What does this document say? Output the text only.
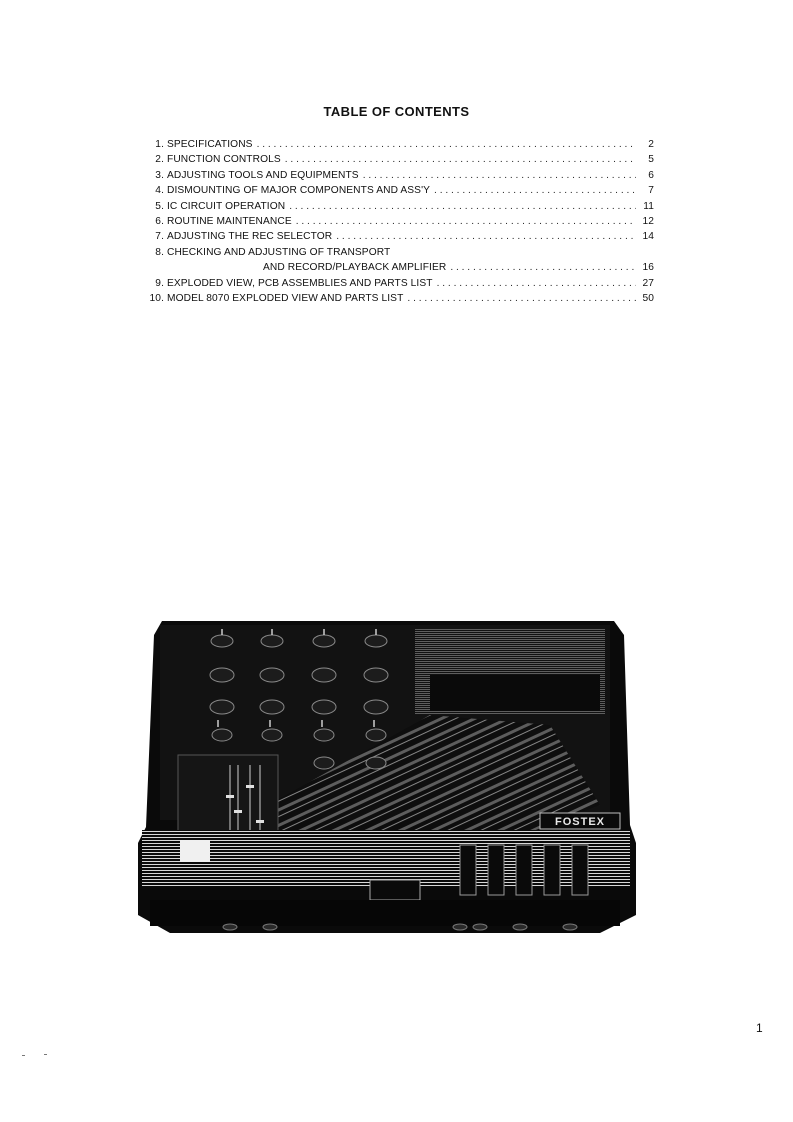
TABLE OF CONTENTS
1. SPECIFICATIONS . . .	2
2. FUNCTION CONTROLS . . .	5
3. ADJUSTING TOOLS AND EQUIPMENTS . . .	6
4. DISMOUNTING OF MAJOR COMPONENTS AND ASS'Y . . .	7
5. IC CIRCUIT OPERATION . . .	11
6. ROUTINE MAINTENANCE . . .	12
7. ADJUSTING THE REC SELECTOR . . .	14
8. CHECKING AND ADJUSTING OF TRANSPORT
AND RECORD/PLAYBACK AMPLIFIER . . .	16
9. EXPLODED VIEW, PCB ASSEMBLIES AND PARTS LIST . . .	27
10. MODEL 8070 EXPLODED VIEW AND PARTS LIST . . .	50
FOSTEX
1
